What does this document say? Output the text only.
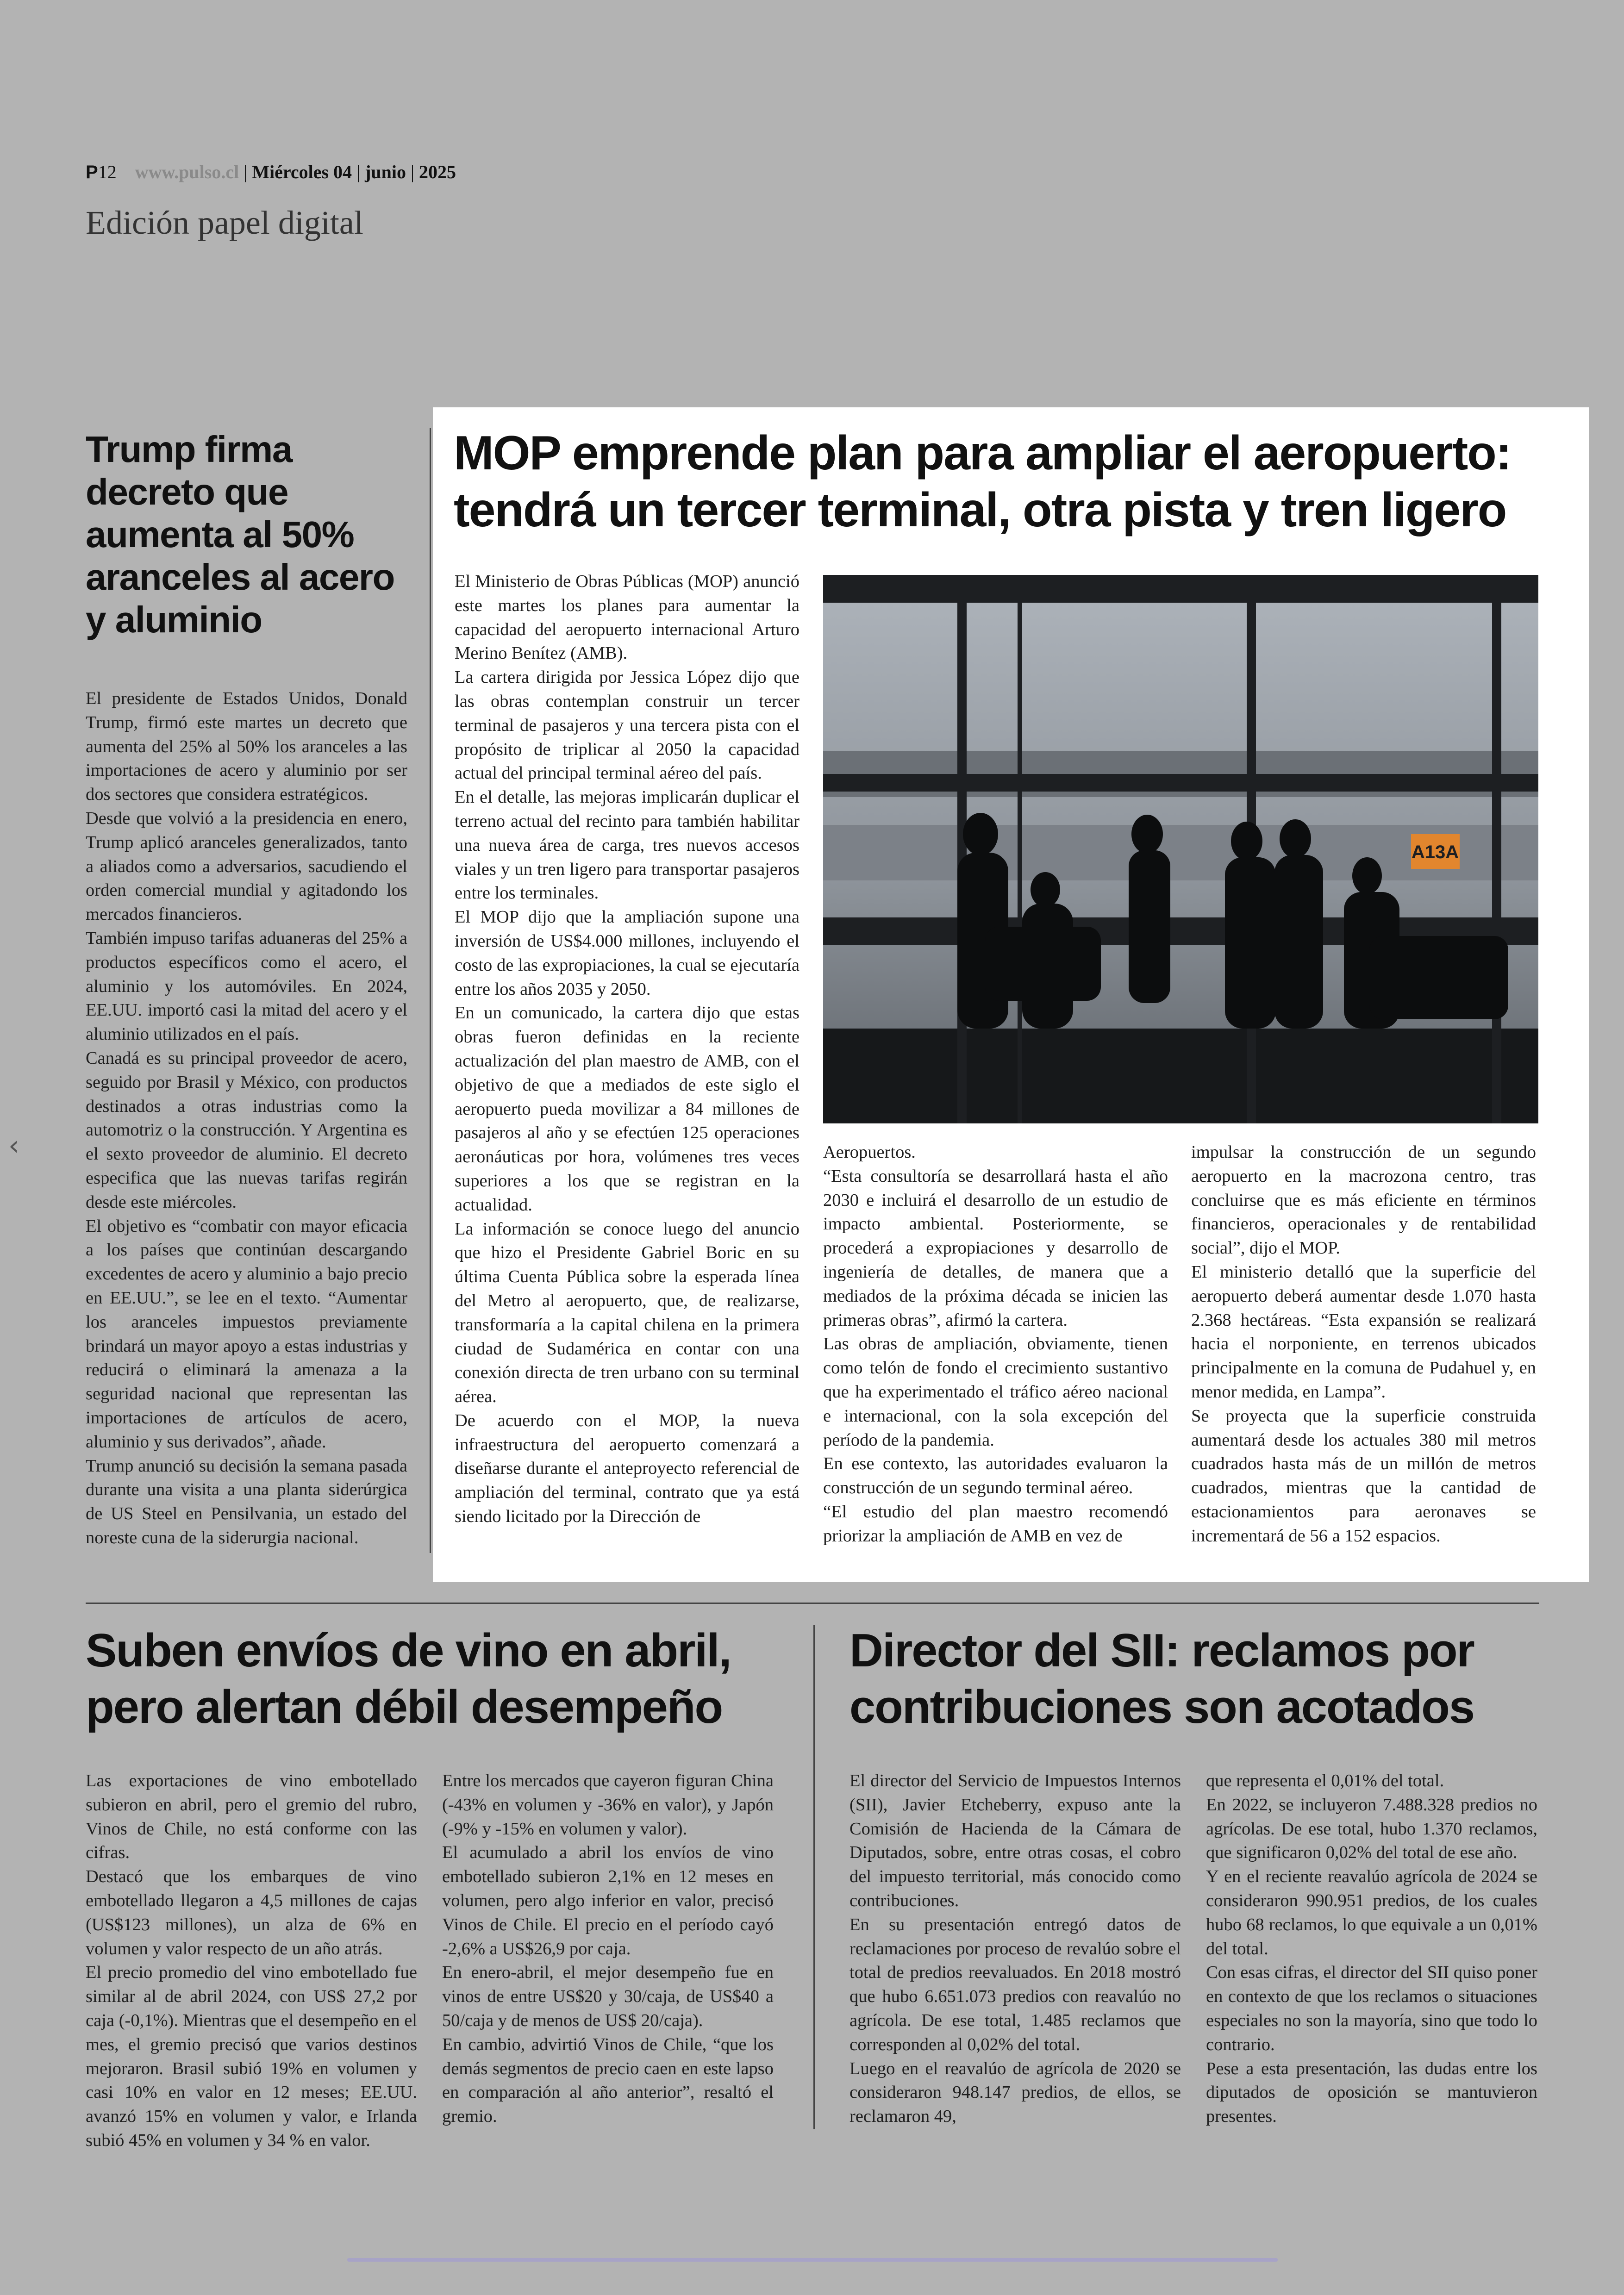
P12 www.pulso.cl | Miércoles 04 | junio | 2025
Edición papel digital
‹
Trump firma decreto que aumenta al 50% aranceles al acero y aluminio

El presidente de Estados Unidos, Donald Trump, firmó este martes un decreto que aumenta del 25% al 50% los aranceles a las importaciones de acero y aluminio por ser dos sectores que considera estratégicos.

Desde que volvió a la presidencia en enero, Trump aplicó aranceles generalizados, tanto a aliados como a adversarios, sacudiendo el orden comercial mundial y agitadondo los mercados financieros.

También impuso tarifas aduaneras del 25% a productos específicos como el acero, el aluminio y los automóviles. En 2024, EE.UU. importó casi la mitad del acero y el aluminio utilizados en el país.

Canadá es su principal proveedor de acero, seguido por Brasil y México, con productos destinados a otras industrias como la automotriz o la construcción. Y Argentina es el sexto proveedor de aluminio. El decreto especifica que las nuevas tarifas regirán desde este miércoles.

El objetivo es “combatir con mayor eficacia a los países que continúan descargando excedentes de acero y aluminio a bajo precio en EE.UU.”, se lee en el texto. “Aumentar los aranceles impuestos previamente brindará un mayor apoyo a estas industrias y reducirá o eliminará la amenaza a la seguridad nacional que representan las importaciones de artículos de acero, aluminio y sus derivados”, añade.

Trump anunció su decisión la semana pasada durante una visita a una planta siderúrgica de US Steel en Pensilvania, un estado del noreste cuna de la siderurgia nacional.

MOP emprende plan para ampliar el aeropuerto: tendrá un tercer terminal, otra pista y tren ligero

El Ministerio de Obras Públicas (MOP) anunció este martes los planes para aumentar la capacidad del aeropuerto internacional Arturo Merino Benítez (AMB).

La cartera dirigida por Jessica López dijo que las obras contemplan construir un tercer terminal de pasajeros y una tercera pista con el propósito de triplicar al 2050 la capacidad actual del principal terminal aéreo del país.

En el detalle, las mejoras implicarán duplicar el terreno actual del recinto para también habilitar una nueva área de carga, tres nuevos accesos viales y un tren ligero para transportar pasajeros entre los terminales.

El MOP dijo que la ampliación supone una inversión de US$4.000 millones, incluyendo el costo de las expropiaciones, la cual se ejecutaría entre los años 2035 y 2050.

En un comunicado, la cartera dijo que estas obras fueron definidas en la reciente actualización del plan maestro de AMB, con el objetivo de que a mediados de este siglo el aeropuerto pueda movilizar a 84 millones de pasajeros al año y se efectúen 125 operaciones aeronáuticas por hora, volúmenes tres veces superiores a los que se registran en la actualidad.

La información se conoce luego del anuncio que hizo el Presidente Gabriel Boric en su última Cuenta Pública sobre la esperada línea del Metro al aeropuerto, que, de realizarse, transformaría a la capital chilena en la primera ciudad de Sudamérica en contar con una conexión directa de tren urbano con su terminal aérea.

De acuerdo con el MOP, la nueva infraestructura del aeropuerto comenzará a diseñarse durante el anteproyecto referencial de ampliación del terminal, contrato que ya está siendo licitado por la Dirección de

A13A

Aeropuertos.

“Esta consultoría se desarrollará hasta el año 2030 e incluirá el desarrollo de un estudio de impacto ambiental. Posteriormente, se procederá a expropiaciones y desarrollo de ingeniería de detalles, de manera que a mediados de la próxima década se inicien las primeras obras”, afirmó la cartera.

Las obras de ampliación, obviamente, tienen como telón de fondo el crecimiento sustantivo que ha experimentado el tráfico aéreo nacional e internacional, con la sola excepción del período de la pandemia.

En ese contexto, las autoridades evaluaron la construcción de un segundo terminal aéreo.

“El estudio del plan maestro recomendó priorizar la ampliación de AMB en vez de

impulsar la construcción de un segundo aeropuerto en la macrozona centro, tras concluirse que es más eficiente en términos financieros, operacionales y de rentabilidad social”, dijo el MOP.

El ministerio detalló que la superficie del aeropuerto deberá aumentar desde 1.070 hasta 2.368 hectáreas. “Esta expansión se realizará hacia el norponiente, en terrenos ubicados principalmente en la comuna de Pudahuel y, en menor medida, en Lampa”.

Se proyecta que la superficie construida aumentará desde los actuales 380 mil metros cuadrados hasta más de un millón de metros cuadrados, mientras que la cantidad de estacionamientos para aeronaves se incrementará de 56 a 152 espacios.

Suben envíos de vino en abril, pero alertan débil desempeño

Las exportaciones de vino embotellado subieron en abril, pero el gremio del rubro, Vinos de Chile, no está conforme con las cifras.

Destacó que los embarques de vino embotellado llegaron a 4,5 millones de cajas (US$123 millones), un alza de 6% en volumen y valor respecto de un año atrás.

El precio promedio del vino embotellado fue similar al de abril 2024, con US$ 27,2 por caja (-0,1%). Mientras que el desempeño en el mes, el gremio precisó que varios destinos mejoraron. Brasil subió 19% en volumen y casi 10% en valor en 12 meses; EE.UU. avanzó 15% en volumen y valor, e Irlanda subió 45% en volumen y 34 % en valor.

Entre los mercados que cayeron figuran China (-43% en volumen y -36% en valor), y Japón (-9% y -15% en volumen y valor).

El acumulado a abril los envíos de vino embotellado subieron 2,1% en 12 meses en volumen, pero algo inferior en valor, precisó Vinos de Chile. El precio en el período cayó -2,6% a US$26,9 por caja.

En enero-abril, el mejor desempeño fue en vinos de entre US$20 y 30/caja, de US$40 a 50/caja y de menos de US$ 20/caja).

En cambio, advirtió Vinos de Chile, “que los demás segmentos de precio caen en este lapso en comparación al año anterior”, resaltó el gremio.

Director del SII: reclamos por contribuciones son acotados

El director del Servicio de Impuestos Internos (SII), Javier Etcheberry, expuso ante la Comisión de Hacienda de la Cámara de Diputados, sobre, entre otras cosas, el cobro del impuesto territorial, más conocido como contribuciones.

En su presentación entregó datos de reclamaciones por proceso de revalúo sobre el total de predios reevaluados. En 2018 mostró que hubo 6.651.073 predios con reavalúo no agrícola. De ese total, 1.485 reclamos que corresponden al 0,02% del total.

Luego en el reavalúo de agrícola de 2020 se consideraron 948.147 predios, de ellos, se reclamaron 49,

que representa el 0,01% del total.

En 2022, se incluyeron 7.488.328 predios no agrícolas. De ese total, hubo 1.370 reclamos, que significaron 0,02% del total de ese año.

Y en el reciente reavalúo agrícola de 2024 se consideraron 990.951 predios, de los cuales hubo 68 reclamos, lo que equivale a un 0,01% del total.

Con esas cifras, el director del SII quiso poner en contexto de que los reclamos o situaciones especiales no son la mayoría, sino que todo lo contrario.

Pese a esta presentación, las dudas entre los diputados de oposición se mantuvieron presentes.
